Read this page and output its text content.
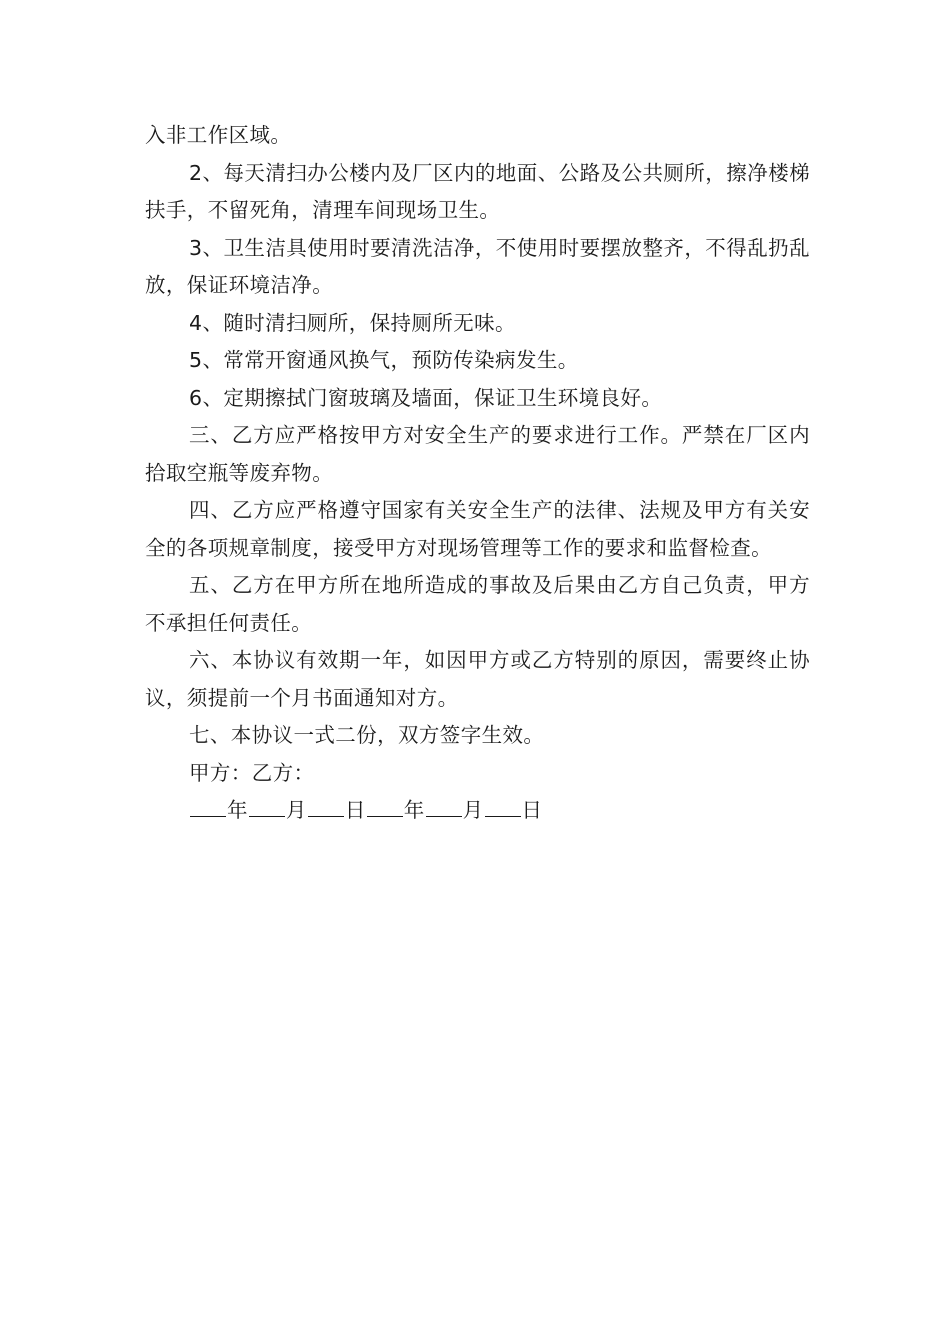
入非工作区域。

2、每天清扫办公楼内及厂区内的地面、公路及公共厕所，擦净楼梯扶手，不留死角，清理车间现场卫生。

3、卫生洁具使用时要清洗洁净，不使用时要摆放整齐，不得乱扔乱放，保证环境洁净。

4、随时清扫厕所，保持厕所无味。

5、常常开窗通风换气，预防传染病发生。

6、定期擦拭门窗玻璃及墙面，保证卫生环境良好。

三、乙方应严格按甲方对安全生产的要求进行工作。严禁在厂区内拾取空瓶等废弃物。

四、乙方应严格遵守国家有关安全生产的法律、法规及甲方有关安全的各项规章制度，接受甲方对现场管理等工作的要求和监督检查。

五、乙方在甲方所在地所造成的事故及后果由乙方自己负责，甲方不承担任何责任。

六、本协议有效期一年，如因甲方或乙方特别的原因，需要终止协议，须提前一个月书面通知对方。

七、本协议一式二份，双方签字生效。

甲方：乙方：

年 月 日 年 月 日
